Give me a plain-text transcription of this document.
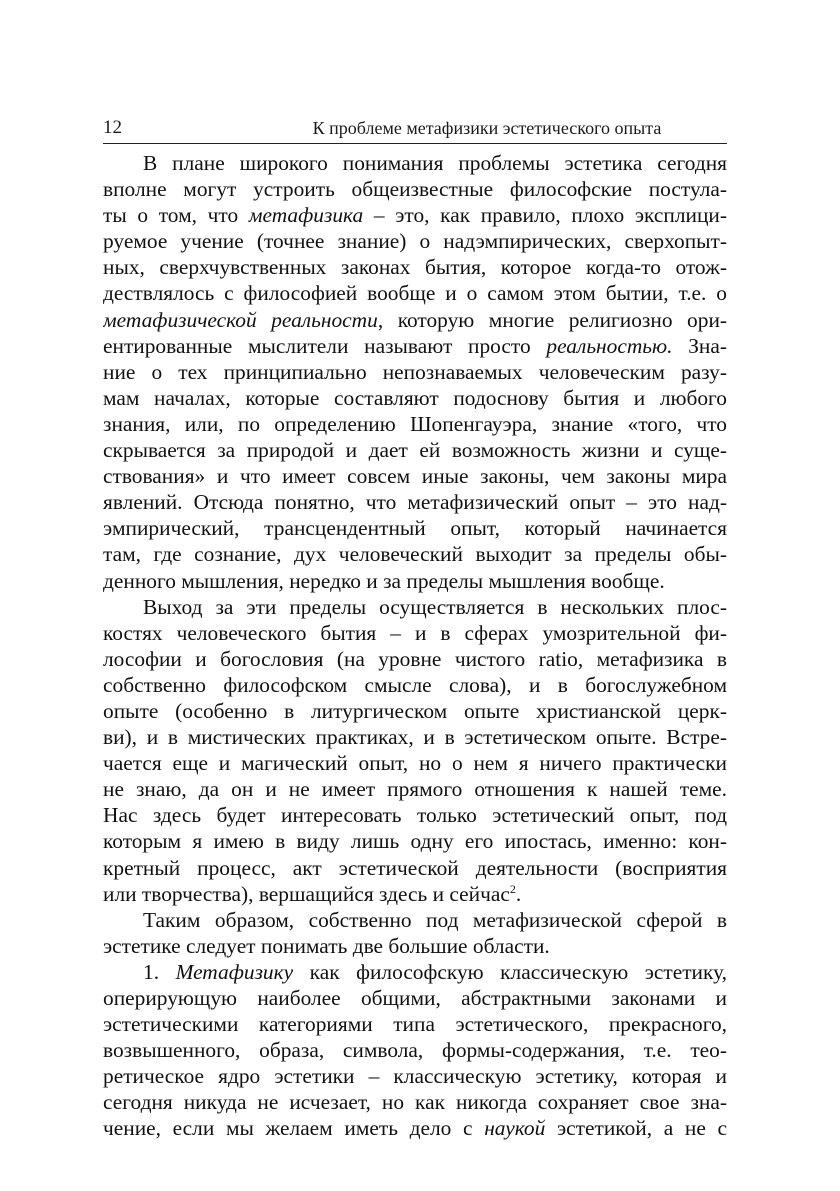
12	К проблеме метафизики эстетического опыта
В плане широкого понимания проблемы эстетика сегодня
вполне могут устроить общеизвестные философские постула-
ты о том, что метафизика – это, как правило, плохо эксплици-
руемое учение (точнее знание) о надэмпирических, сверхопыт-
ных, сверхчувственных законах бытия, которое когда-то отож-
дествлялось с философией вообще и о самом этом бытии, т.е. о
метафизической реальности, которую многие религиозно ори-
ентированные мыслители называют просто реальностью. Зна-
ние о тех принципиально непознаваемых человеческим разу-
мам началах, которые составляют подоснову бытия и любого
знания, или, по определению Шопенгауэра, знание «того, что
скрывается за природой и дает ей возможность жизни и суще-
ствования» и что имеет совсем иные законы, чем законы мира
явлений. Отсюда понятно, что метафизический опыт – это над-
эмпирический, трансцендентный опыт, который начинается
там, где сознание, дух человеческий выходит за пределы обы-
денного мышления, нередко и за пределы мышления вообще.
Выход за эти пределы осуществляется в нескольких плос-
костях человеческого бытия – и в сферах умозрительной фи-
лософии и богословия (на уровне чистого ratio, метафизика в
собственно философском смысле слова), и в богослужебном
опыте (особенно в литургическом опыте христианской церк-
ви), и в мистических практиках, и в эстетическом опыте. Встре-
чается еще и магический опыт, но о нем я ничего практически
не знаю, да он и не имеет прямого отношения к нашей теме.
Нас здесь будет интересовать только эстетический опыт, под
которым я имею в виду лишь одну его ипостась, именно: кон-
кретный процесс, акт эстетической деятельности (восприятия
или творчества), вершащийся здесь и сейчас$^2$.
Таким образом, собственно под метафизической сферой в
эстетике следует понимать две большие области.
1. Метафизику как философскую классическую эстетику,
оперирующую наиболее общими, абстрактными законами и
эстетическими категориями типа эстетического, прекрасного,
возвышенного, образа, символа, формы-содержания, т.е. тео-
ретическое ядро эстетики – классическую эстетику, которая и
сегодня никуда не исчезает, но как никогда сохраняет свое зна-
чение, если мы желаем иметь дело с наукой эстетикой, а не с
